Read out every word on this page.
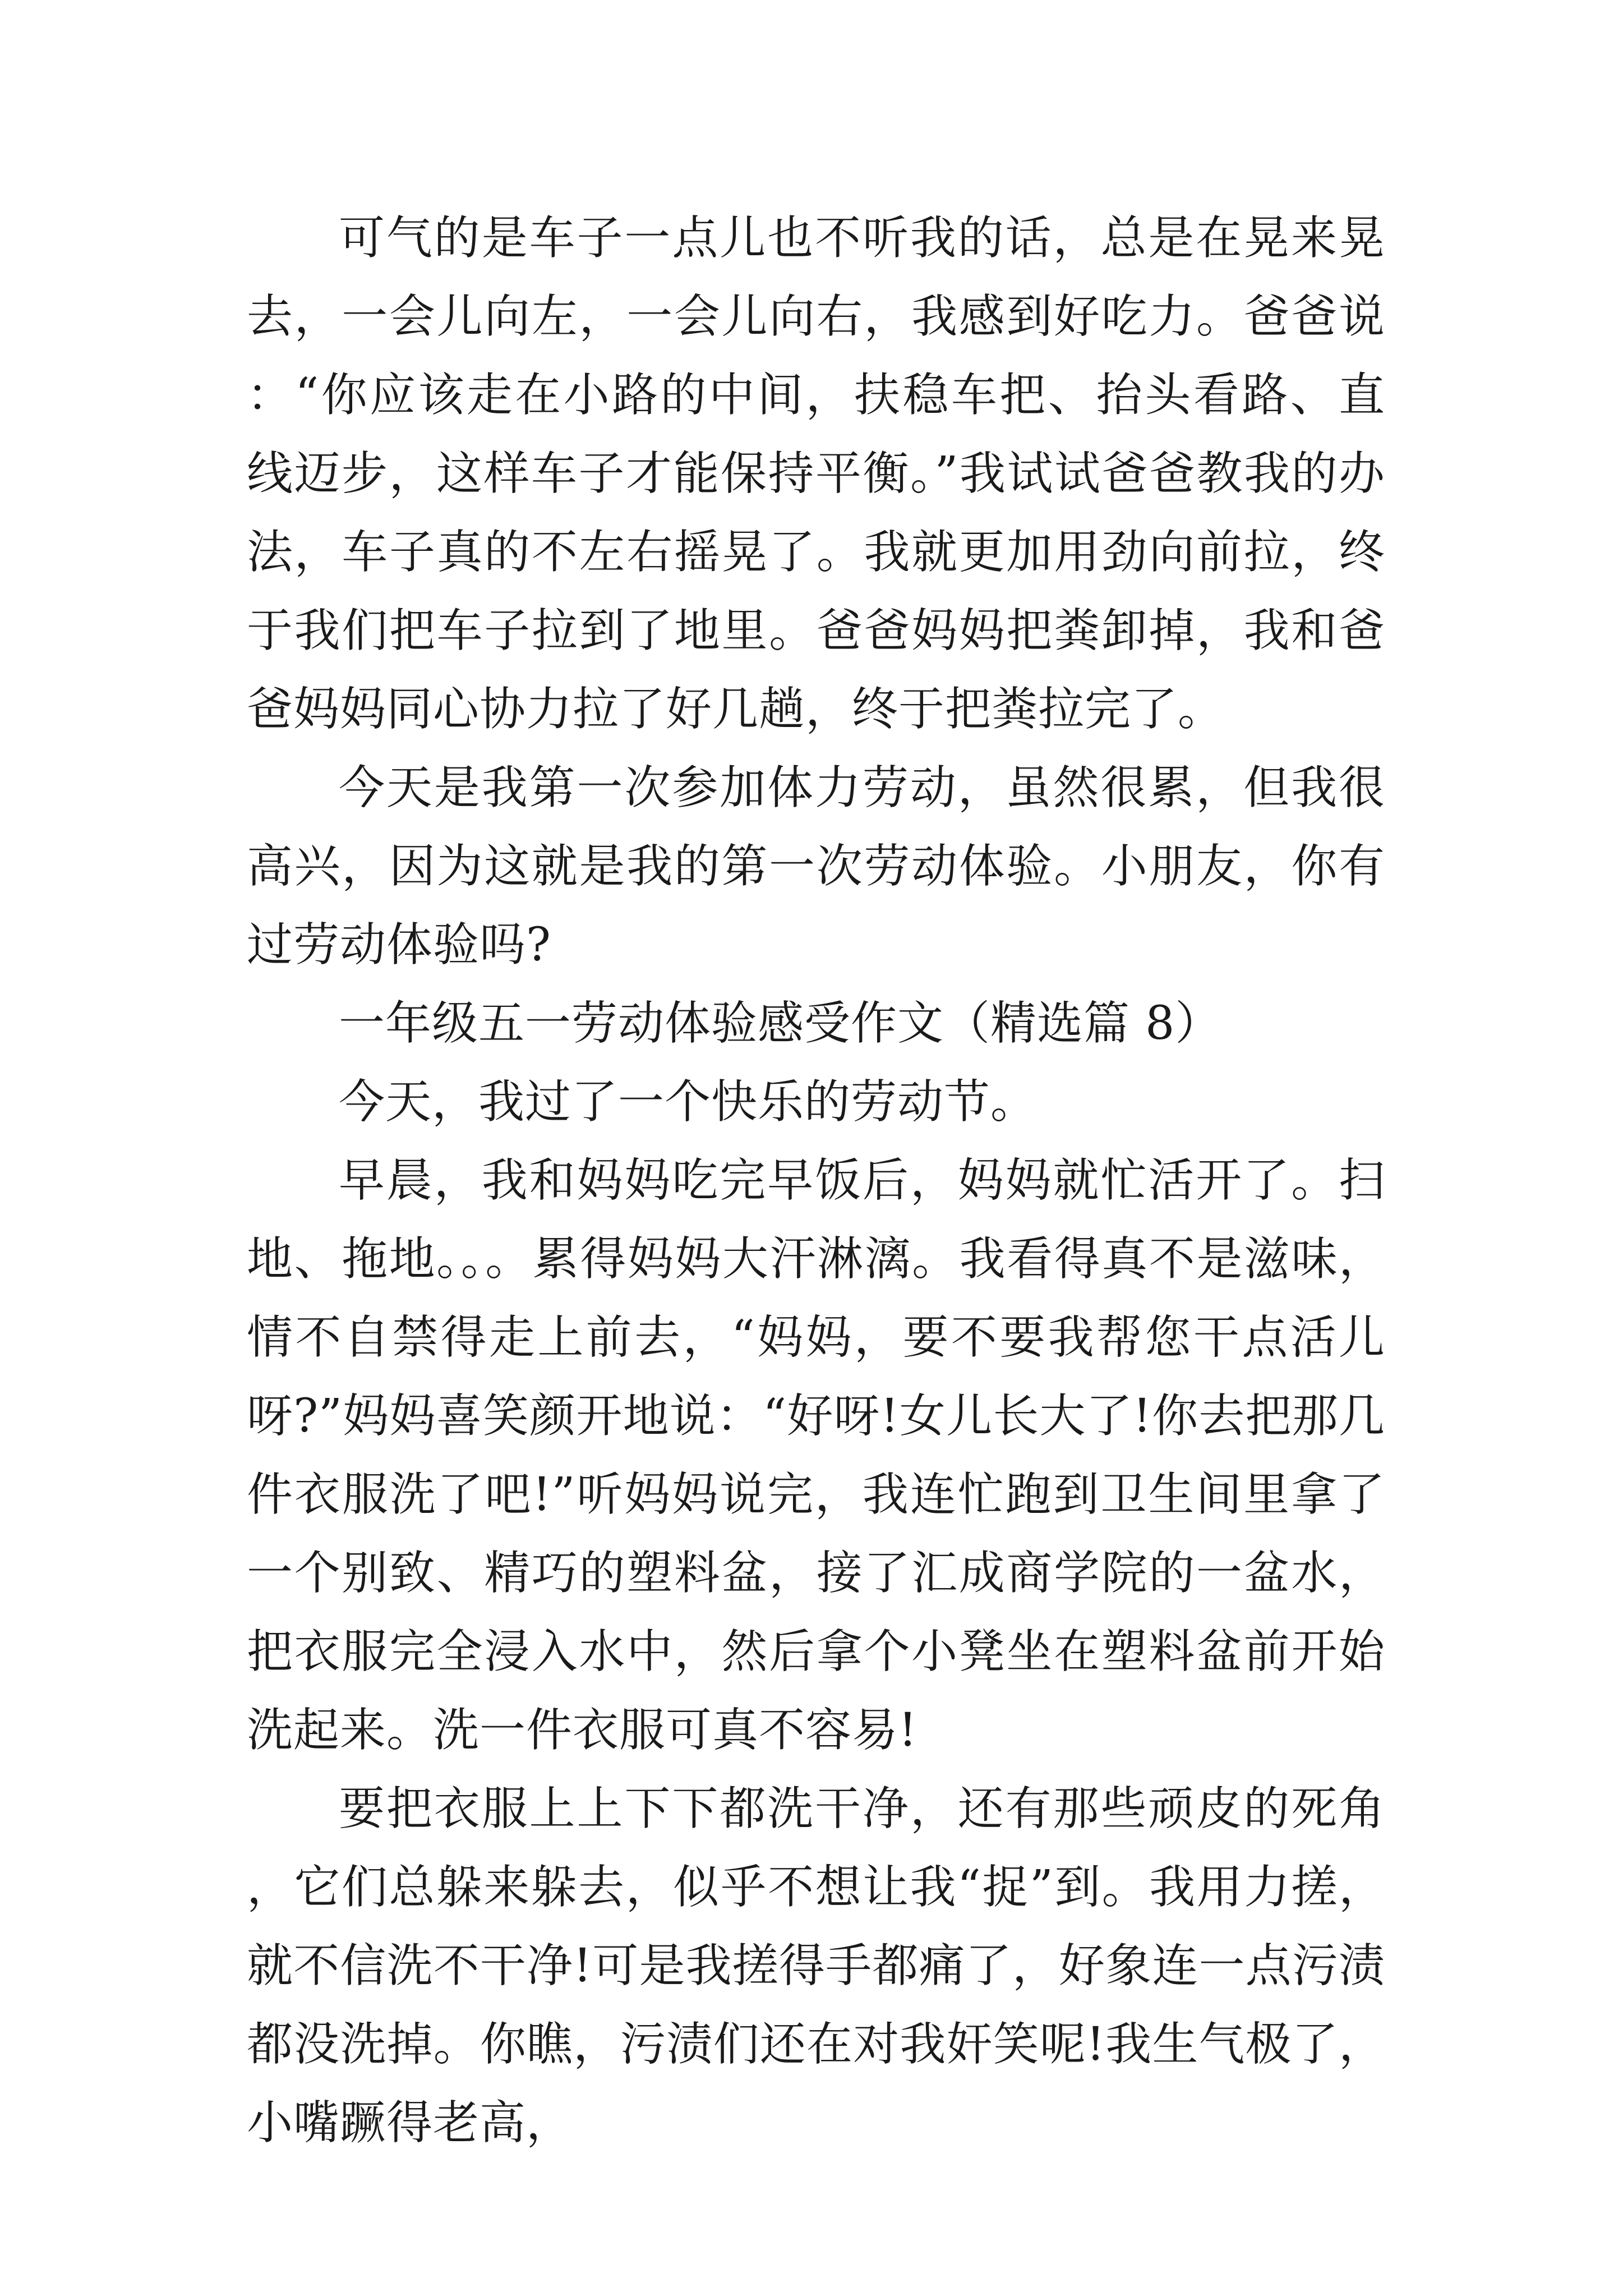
可气的是车子一点儿也不听我的话，总是在晃来晃去，一会儿向左，一会儿向右，我感到好吃力。爸爸说：“你应该走在小路的中间，扶稳车把、抬头看路、直线迈步，这样车子才能保持平衡。”我试试爸爸教我的办法，车子真的不左右摇晃了。我就更加用劲向前拉，终于我们把车子拉到了地里。爸爸妈妈把粪卸掉，我和爸爸妈妈同心协力拉了好几趟，终于把粪拉完了。

今天是我第一次参加体力劳动，虽然很累，但我很高兴，因为这就是我的第一次劳动体验。小朋友，你有过劳动体验吗?

一年级五一劳动体验感受作文（精选篇 8）

今天，我过了一个快乐的劳动节。

早晨，我和妈妈吃完早饭后，妈妈就忙活开了。扫地、拖地。。。累得妈妈大汗淋漓。我看得真不是滋味，情不自禁得走上前去，“妈妈，要不要我帮您干点活儿呀?”妈妈喜笑颜开地说：“好呀!女儿长大了!你去把那几件衣服洗了吧!”听妈妈说完，我连忙跑到卫生间里拿了一个别致、精巧的塑料盆，接了汇成商学院的一盆水，把衣服完全浸入水中，然后拿个小凳坐在塑料盆前开始洗起来。洗一件衣服可真不容易!

要把衣服上上下下都洗干净，还有那些顽皮的死角，它们总躲来躲去，似乎不想让我“捉”到。我用力搓，就不信洗不干净!可是我搓得手都痛了，好象连一点污渍都没洗掉。你瞧，污渍们还在对我奸笑呢!我生气极了，小嘴蹶得老高，
